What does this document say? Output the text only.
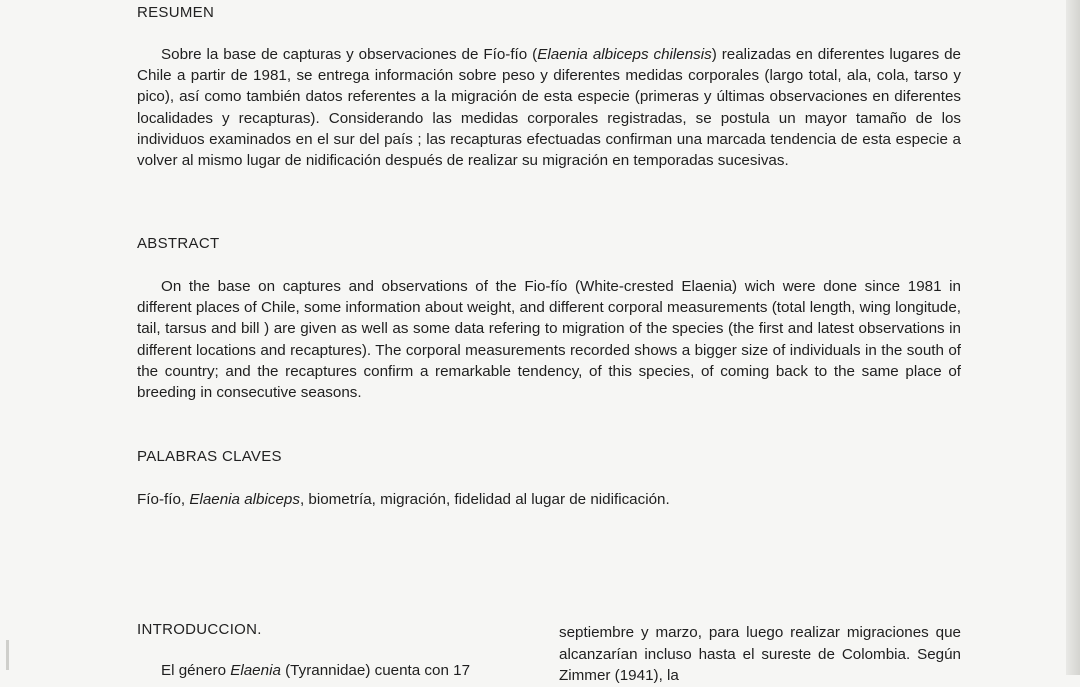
RESUMEN

Sobre la base de capturas y observaciones de Fío-fío (Elaenia albiceps chilensis) realizadas en diferentes lugares de Chile a partir de 1981, se entrega información sobre peso y diferentes medidas corporales (largo total, ala, cola, tarso y pico), así como también datos referentes a la migración de esta especie (primeras y últimas observaciones en diferentes localidades y recapturas). Considerando las medidas corporales registradas, se postula un mayor tamaño de los individuos examinados en el sur del país ; las recapturas efectuadas confirman una marcada tendencia de esta especie a volver al mismo lugar de nidificación después de realizar su migración en temporadas sucesivas.

ABSTRACT

On the base on captures and observations of the Fio-fío (White-crested Elaenia) wich were done since 1981 in different places of Chile, some information about weight, and different corporal measurements (total length, wing longitude, tail, tarsus and bill ) are given as well as some data refering to migration of the species (the first and latest observations in different locations and recaptures). The corporal measurements recorded shows a bigger size of individuals in the south of the country; and the recaptures confirm a remarkable tendency, of this species, of coming back to the same place of breeding in consecutive seasons.

PALABRAS CLAVES

Fío-fío, Elaenia albiceps, biometría, migración, fidelidad al lugar de nidificación.

INTRODUCCION.

El género Elaenia (Tyrannidae) cuenta con 17

septiembre y marzo, para luego realizar migraciones que alcanzarían incluso hasta el sureste de Colombia. Según Zimmer (1941), la
